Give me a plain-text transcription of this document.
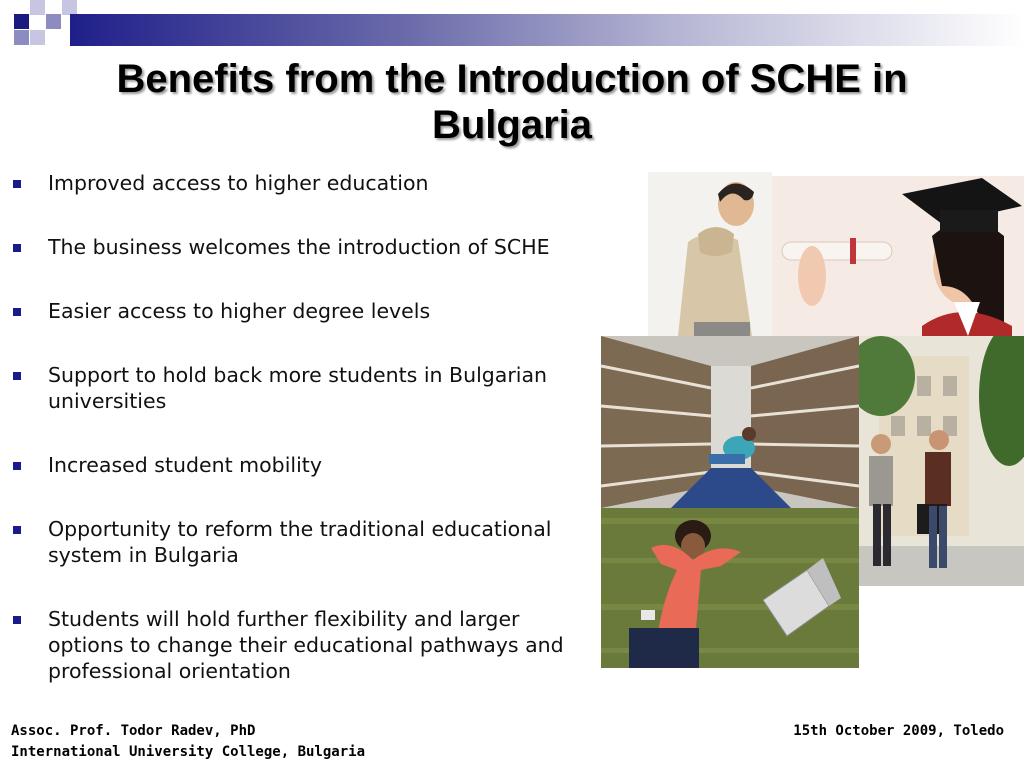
Benefits from the Introduction of SCHE in
Bulgaria
Improved access to higher education
The business welcomes the introduction of SCHE
Easier access to higher degree levels
Support to hold back more students in Bulgarian universities
Increased student mobility
Opportunity to reform the traditional educational system in Bulgaria
Students will hold further flexibility and larger options to change their educational pathways and professional orientation
Assoc. Prof. Todor Radev, PhD
International University College, Bulgaria
15th October 2009, Toledo
